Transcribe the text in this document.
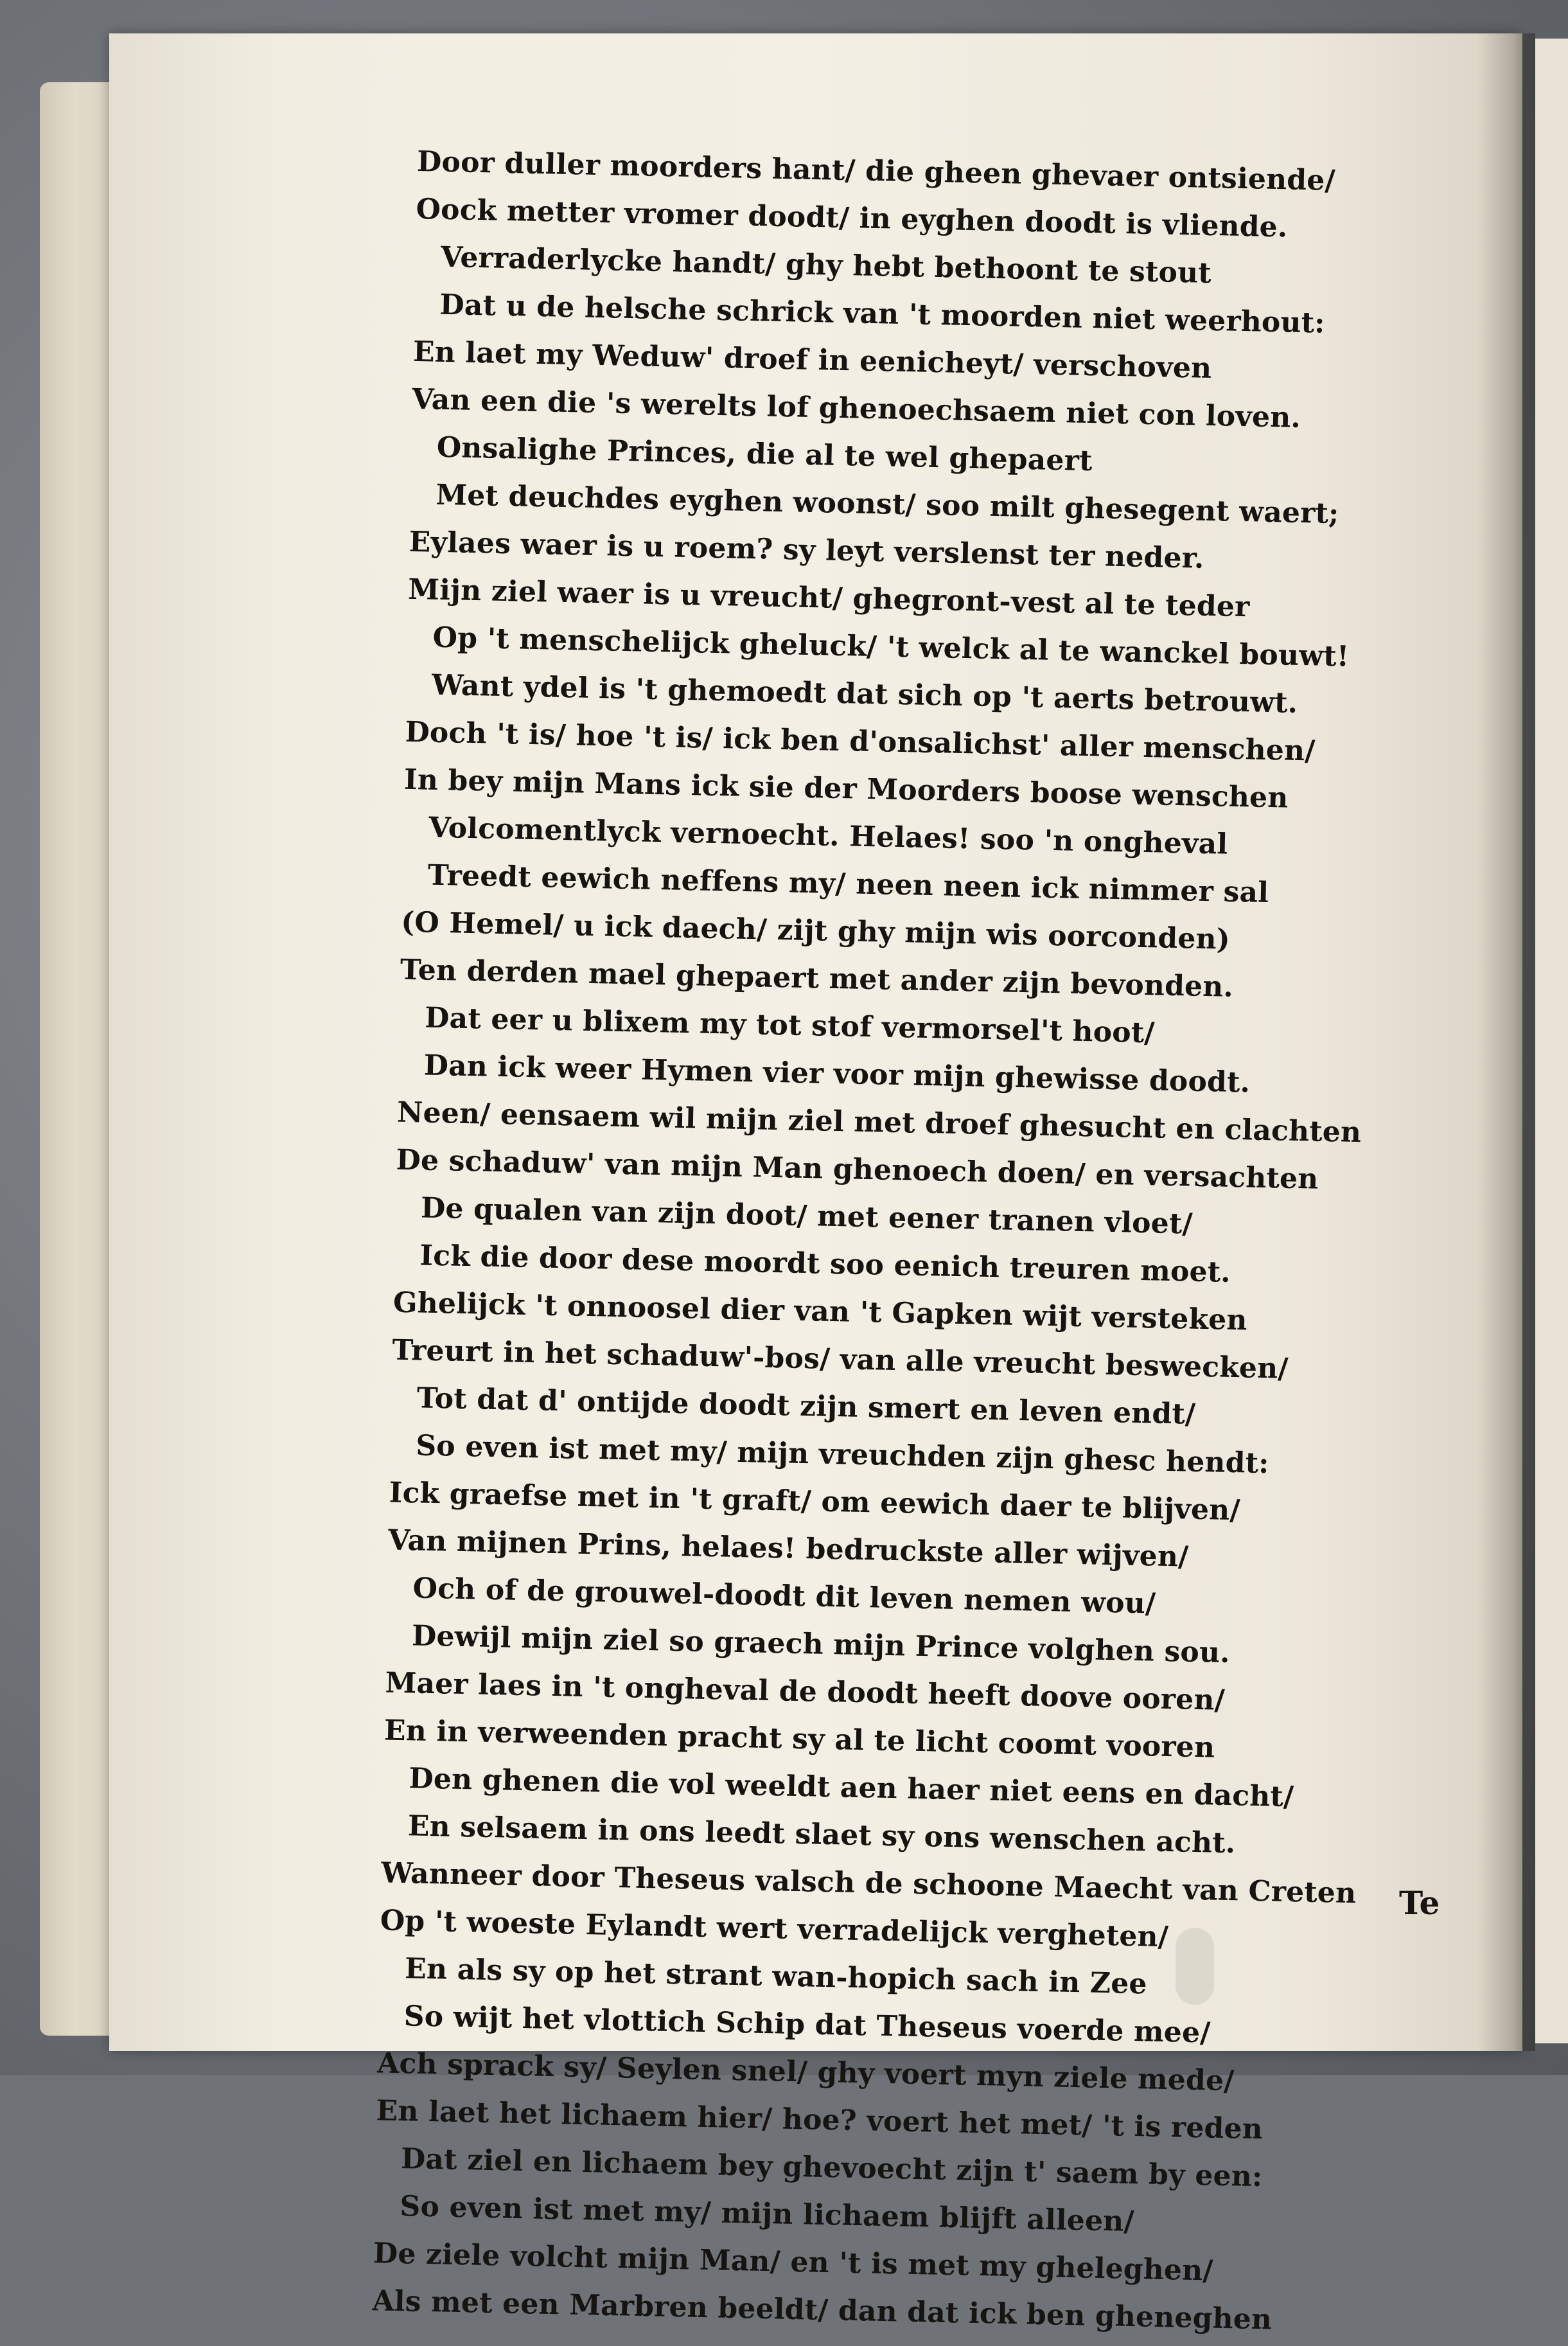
Door duller moorders hant/ die gheen ghevaer ontsiende/
Oock metter vromer doodt/ in eyghen doodt is vliende.
Verraderlycke handt/ ghy hebt bethoont te stout
Dat u de helsche schrick van 't moorden niet weerhout:
En laet my Weduw' droef in eenicheyt/ verschoven
Van een die 's werelts lof ghenoechsaem niet con loven.
Onsalighe Princes, die al te wel ghepaert
Met deuchdes eyghen woonst/ soo milt ghesegent waert;
Eylaes waer is u roem? sy leyt verslenst ter neder.
Mijn ziel waer is u vreucht/ ghegront-vest al te teder
Op 't menschelijck gheluck/ 't welck al te wanckel bouwt!
Want ydel is 't ghemoedt dat sich op 't aerts betrouwt.
Doch 't is/ hoe 't is/ ick ben d'onsalichst' aller menschen/
In bey mijn Mans ick sie der Moorders boose wenschen
Volcomentlyck vernoecht. Helaes! soo 'n ongheval
Treedt eewich neffens my/ neen neen ick nimmer sal
(O Hemel/ u ick daech/ zijt ghy mijn wis oorconden)
Ten derden mael ghepaert met ander zijn bevonden.
Dat eer u blixem my tot stof vermorsel't hoot/
Dan ick weer Hymen vier voor mijn ghewisse doodt.
Neen/ eensaem wil mijn ziel met droef ghesucht en clachten
De schaduw' van mijn Man ghenoech doen/ en versachten
De qualen van zijn doot/ met eener tranen vloet/
Ick die door dese moordt soo eenich treuren moet.
Ghelijck 't onnoosel dier van 't Gapken wijt versteken
Treurt in het schaduw'-bos/ van alle vreucht beswecken/
Tot dat d' ontijde doodt zijn smert en leven endt/
So even ist met my/ mijn vreuchden zijn ghesc hendt:
Ick graefse met in 't graft/ om eewich daer te blijven/
Van mijnen Prins, helaes! bedruckste aller wijven/
Och of de grouwel-doodt dit leven nemen wou/
Dewijl mijn ziel so graech mijn Prince volghen sou.
Maer laes in 't ongheval de doodt heeft doove ooren/
En in verweenden pracht sy al te licht coomt vooren
Den ghenen die vol weeldt aen haer niet eens en dacht/
En selsaem in ons leedt slaet sy ons wenschen acht.
Wanneer door Theseus valsch de schoone Maecht van Creten
Op 't woeste Eylandt wert verradelijck vergheten/
En als sy op het strant wan-hopich sach in Zee
So wijt het vlottich Schip dat Theseus voerde mee/
Ach sprack sy/ Seylen snel/ ghy voert myn ziele mede/
En laet het lichaem hier/ hoe? voert het met/ 't is reden
Dat ziel en lichaem bey ghevoecht zijn t' saem by een:
So even ist met my/ mijn lichaem blijft alleen/
De ziele volcht mijn Man/ en 't is met my gheleghen/
Als met een Marbren beeldt/ dan dat ick ben gheneghen
Te
